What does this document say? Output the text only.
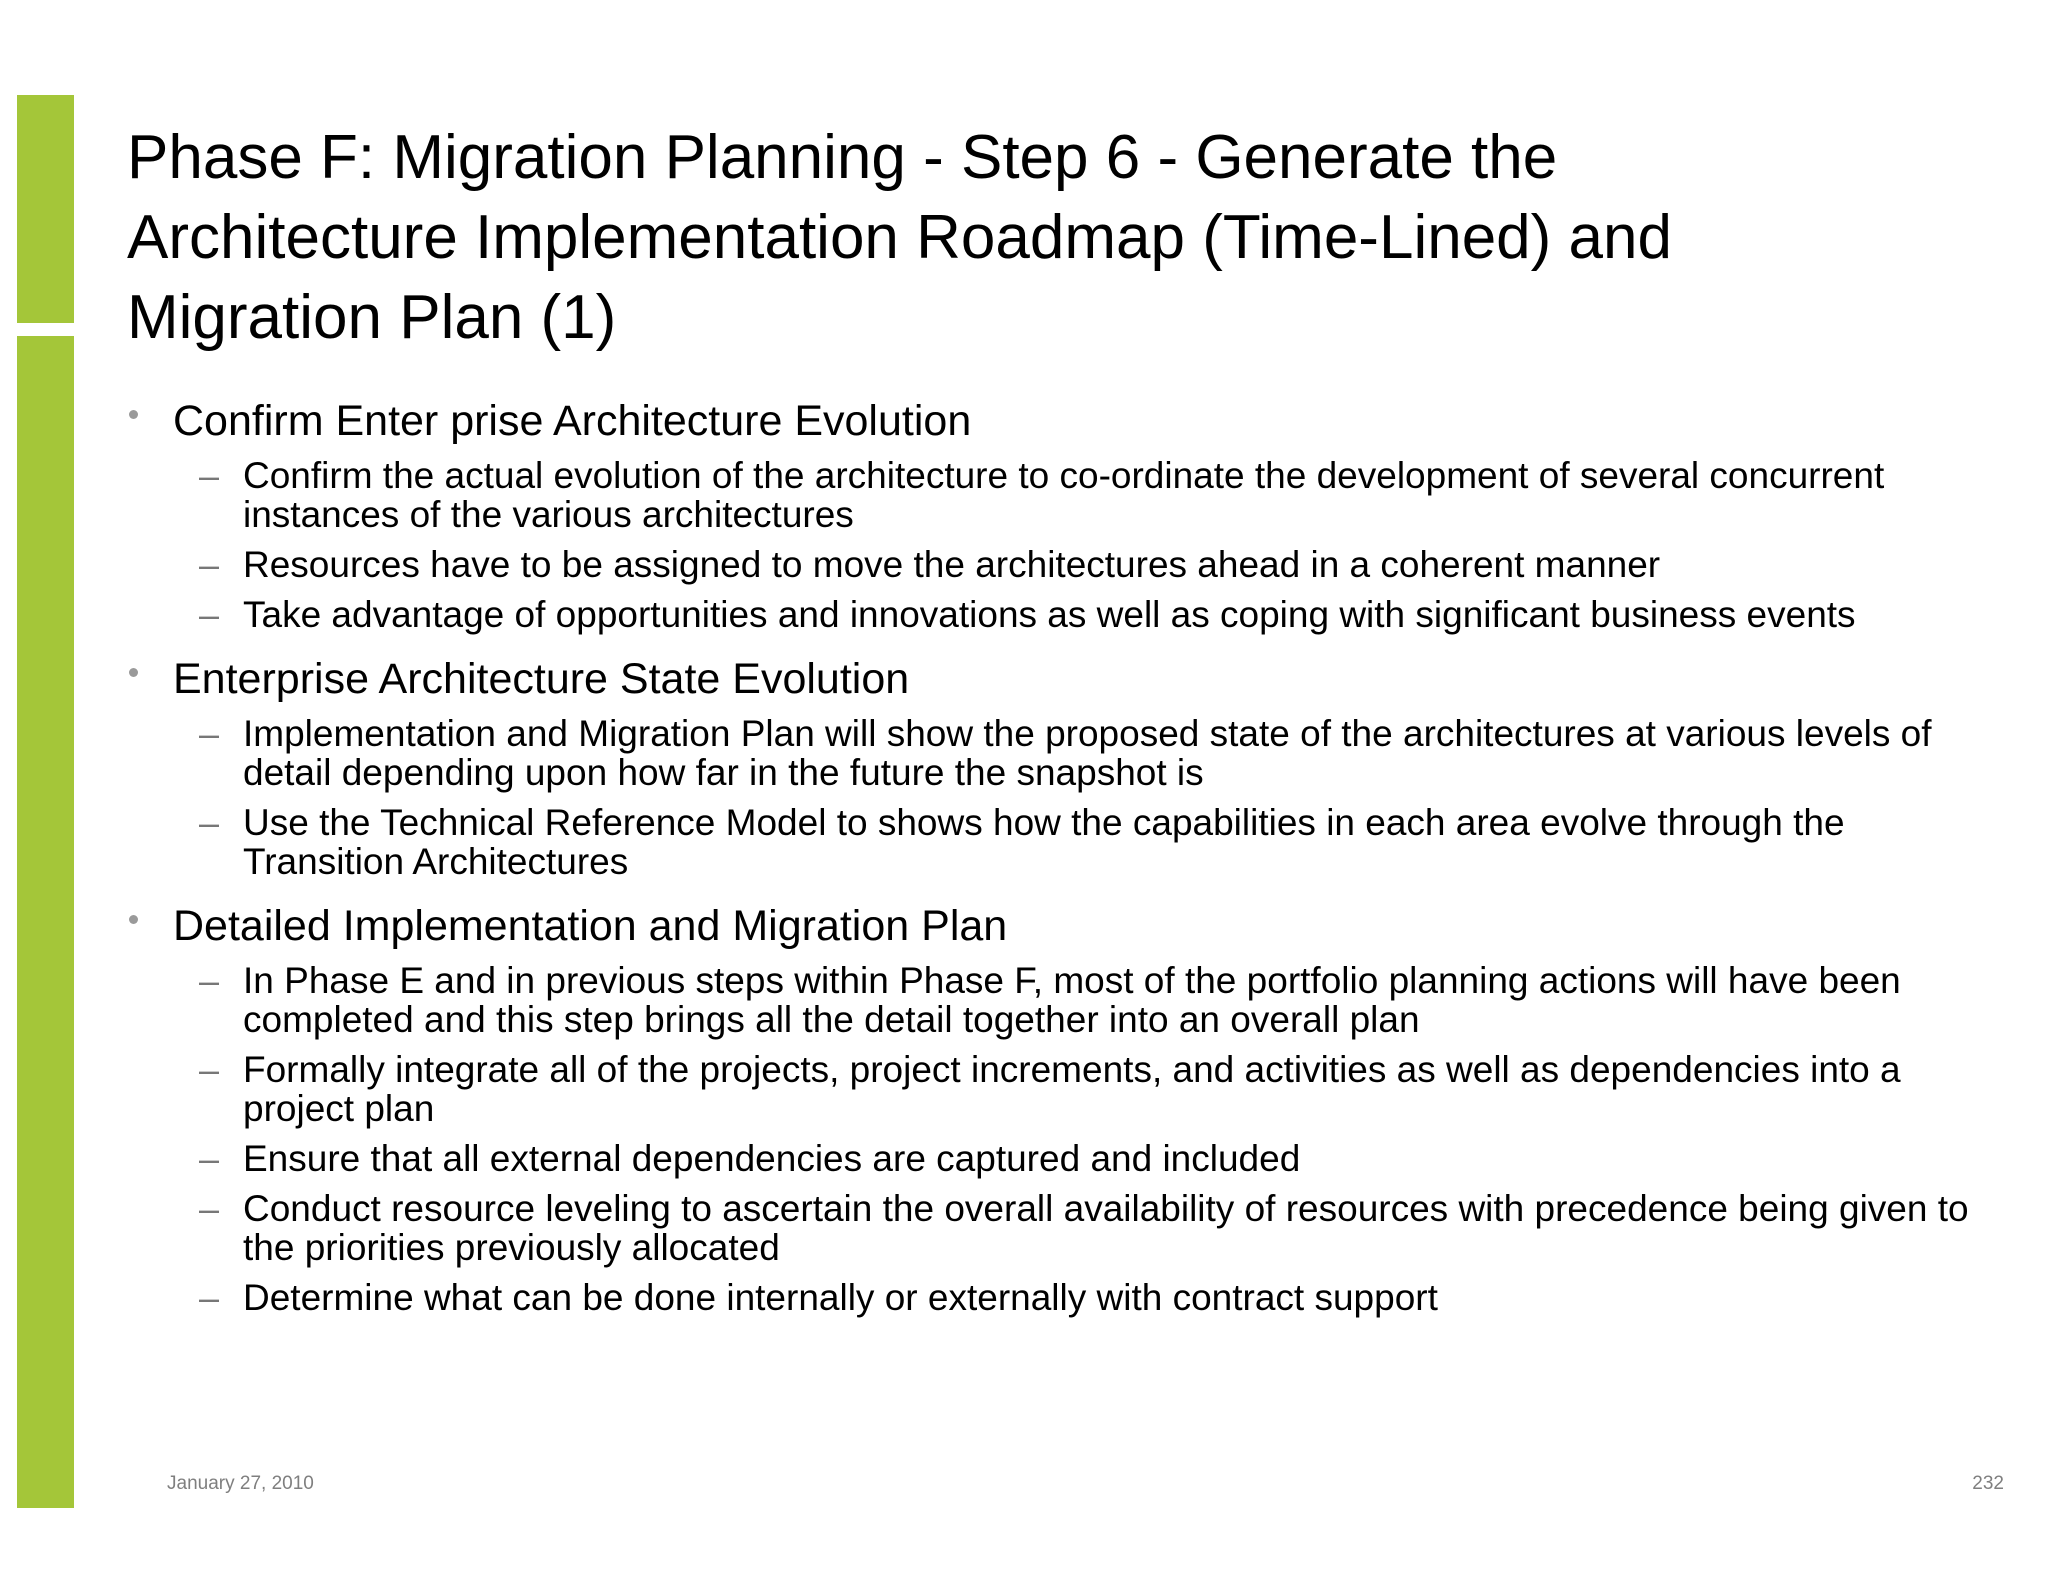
Phase F: Migration Planning - Step 6 - Generate the
Architecture Implementation Roadmap (Time-Lined) and
Migration Plan (1)
Confirm Enter prise Architecture Evolution
– Confirm the actual evolution of the architecture to co-ordinate the development of several concurrent instances of the various architectures
– Resources have to be assigned to move the architectures ahead in a coherent manner
– Take advantage of opportunities and innovations as well as coping with significant business events
Enterprise Architecture State Evolution
– Implementation and Migration Plan will show the proposed state of the architectures at various levels of detail depending upon how far in the future the snapshot is
– Use the Technical Reference Model to shows how the capabilities in each area evolve through the Transition Architectures
Detailed Implementation and Migration Plan
– In Phase E and in previous steps within Phase F, most of the portfolio planning actions will have been completed and this step brings all the detail together into an overall plan
– Formally integrate all of the projects, project increments, and activities as well as dependencies into a project plan
– Ensure that all external dependencies are captured and included
– Conduct resource leveling to ascertain the overall availability of resources with precedence being given to the priorities previously allocated
– Determine what can be done internally or externally with contract support
January 27, 2010	232
